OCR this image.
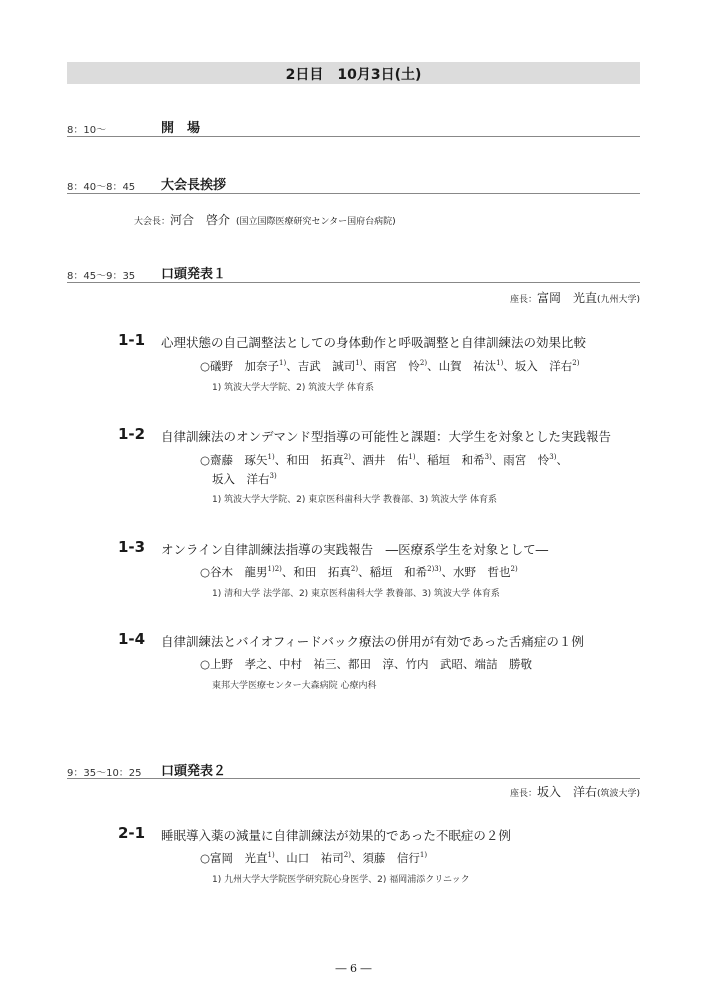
2日目　10月3日(土)
8：10～	開　場
8：40～8：45 大会長挨拶
大会長：河合　啓介 (国立国際医療研究センター国府台病院)
8：45～9：35 口頭発表１
座長：富岡　光直(九州大学)
1-1 心理状態の自己調整法としての身体動作と呼吸調整と自律訓練法の効果比較
○礒野　加奈子$^{1)}$、吉武　誠司$^{1)}$、雨宮　怜$^{2)}$、山賀　祐汰$^{1)}$、坂入　洋右$^{2)}$
1) 筑波大学大学院、2) 筑波大学 体育系
1-2 自律訓練法のオンデマンド型指導の可能性と課題：大学生を対象とした実践報告
○齋藤　琢矢$^{1)}$、和田　拓真$^{2)}$、酒井　佑$^{1)}$、稲垣　和希$^{3)}$、雨宮　怜$^{3)}$、
坂入　洋右$^{3)}$
1) 筑波大学大学院、2) 東京医科歯科大学 教養部、3) 筑波大学 体育系
1-3 オンライン自律訓練法指導の実践報告　―医療系学生を対象として―
○谷木　龍男$^{1)2)}$、和田　拓真$^{2)}$、稲垣　和希$^{2)3)}$、水野　哲也$^{2)}$
1) 清和大学 法学部、2) 東京医科歯科大学 教養部、3) 筑波大学 体育系
1-4 自律訓練法とバイオフィードバック療法の併用が有効であった舌痛症の１例
○上野　孝之、中村　祐三、都田　淳、竹内　武昭、端詰　勝敬
東邦大学医療センター大森病院 心療内科
9：35～10：25 口頭発表２
座長：坂入　洋右(筑波大学)
2-1 睡眠導入薬の減量に自律訓練法が効果的であった不眠症の２例
○富岡　光直$^{1)}$、山口　祐司$^{2)}$、須藤　信行$^{1)}$
1) 九州大学大学院医学研究院心身医学、2) 福岡浦添クリニック
― 6 ―
